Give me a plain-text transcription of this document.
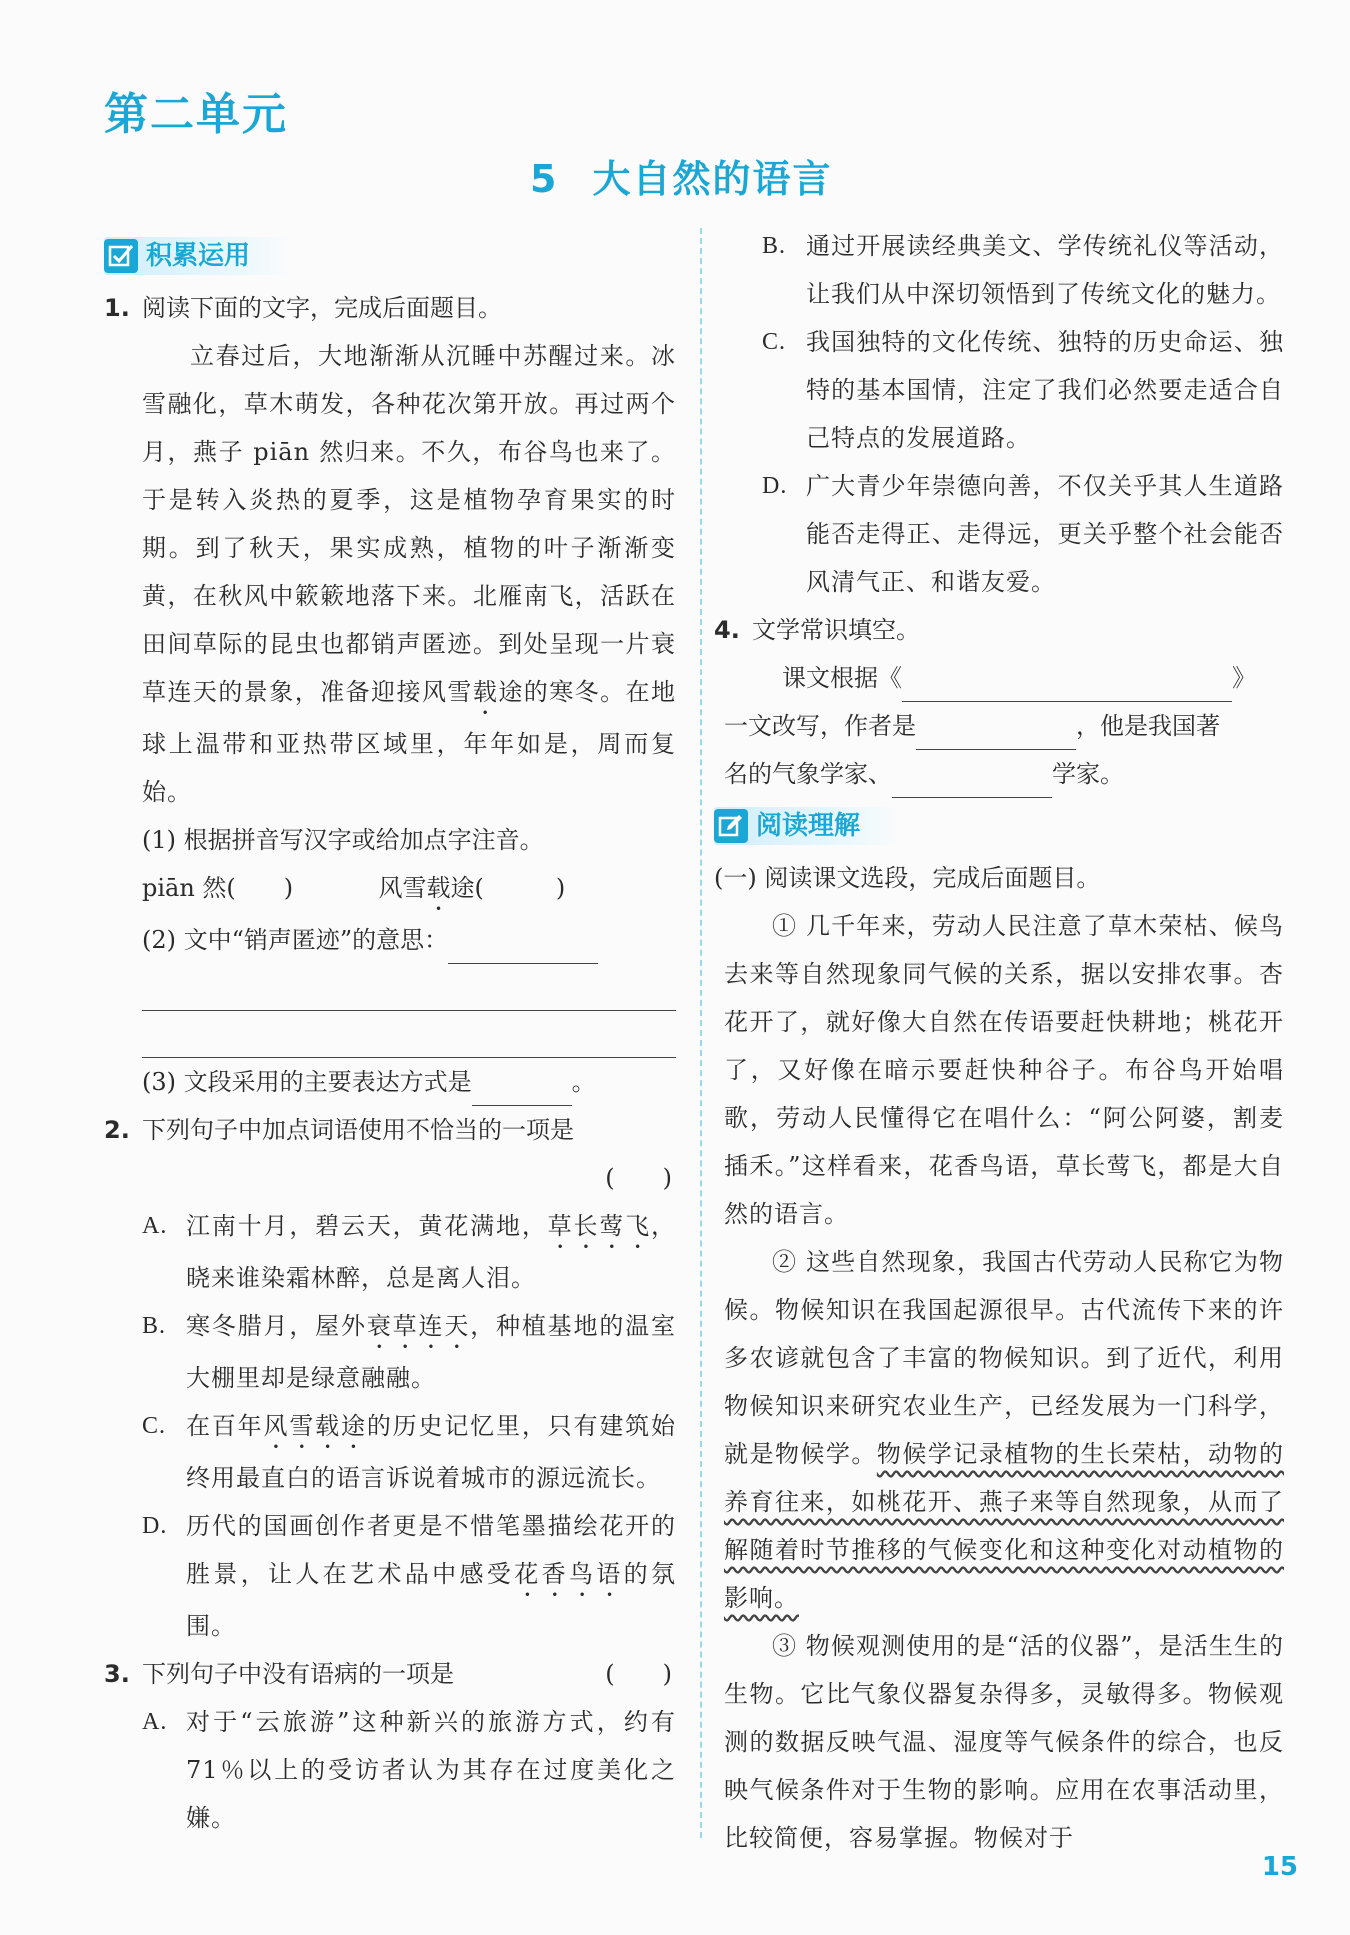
第二单元
5 大自然的语言
积累运用
1. 阅读下面的文字，完成后面题目。
立春过后，大地渐渐从沉睡中苏醒过来。冰雪融化，草木萌发，各种花次第开放。再过两个月，燕子 piān 然归来。不久，布谷鸟也来了。于是转入炎热的夏季，这是植物孕育果实的时期。到了秋天，果实成熟，植物的叶子渐渐变黄，在秋风中簌簌地落下来。北雁南飞，活跃在田间草际的昆虫也都销声匿迹。到处呈现一片衰草连天的景象，准备迎接风雪载途的寒冬。在地球上温带和亚热带区域里，年年如是，周而复始。
(1) 根据拼音写汉字或给加点字注音。
piān 然(　　)	风雪载途(　　　)
(2) 文中“销声匿迹”的意思：
(3) 文段采用的主要表达方式是	。
2. 下列句子中加点词语使用不恰当的一项是
(　　)
A. 江南十月，碧云天，黄花满地，草长莺飞，晓来谁染霜林醉，总是离人泪。
B. 寒冬腊月，屋外衰草连天，种植基地的温室大棚里却是绿意融融。
C. 在百年风雪载途的历史记忆里，只有建筑始终用最直白的语言诉说着城市的源远流长。
D. 历代的国画创作者更是不惜笔墨描绘花开的胜景，让人在艺术品中感受花香鸟语的氛围。
3. 下列句子中没有语病的一项是	(　　)
A. 对于“云旅游”这种新兴的旅游方式，约有 71％以上的受访者认为其存在过度美化之嫌。
B. 通过开展读经典美文、学传统礼仪等活动，让我们从中深切领悟到了传统文化的魅力。
C. 我国独特的文化传统、独特的历史命运、独特的基本国情，注定了我们必然要走适合自己特点的发展道路。
D. 广大青少年崇德向善，不仅关乎其人生道路能否走得正、走得远，更关乎整个社会能否风清气正、和谐友爱。
4. 文学常识填空。
课文根据《	》
一文改写，作者是	，他是我国著
名的气象学家、	学家。
阅读理解
(一) 阅读课文选段，完成后面题目。
① 几千年来，劳动人民注意了草木荣枯、候鸟去来等自然现象同气候的关系，据以安排农事。杏花开了，就好像大自然在传语要赶快耕地；桃花开了，又好像在暗示要赶快种谷子。布谷鸟开始唱歌，劳动人民懂得它在唱什么：“阿公阿婆，割麦插禾。”这样看来，花香鸟语，草长莺飞，都是大自然的语言。
② 这些自然现象，我国古代劳动人民称它为物候。物候知识在我国起源很早。古代流传下来的许多农谚就包含了丰富的物候知识。到了近代，利用物候知识来研究农业生产，已经发展为一门科学，就是物候学。物候学记录植物的生长荣枯，动物的养育往来，如桃花开、燕子来等自然现象，从而了解随着时节推移的气候变化和这种变化对动植物的影响。
③ 物候观测使用的是“活的仪器”，是活生生的生物。它比气象仪器复杂得多，灵敏得多。物候观测的数据反映气温、湿度等气候条件的综合，也反映气候条件对于生物的影响。应用在农事活动里，比较简便，容易掌握。物候对于
15
